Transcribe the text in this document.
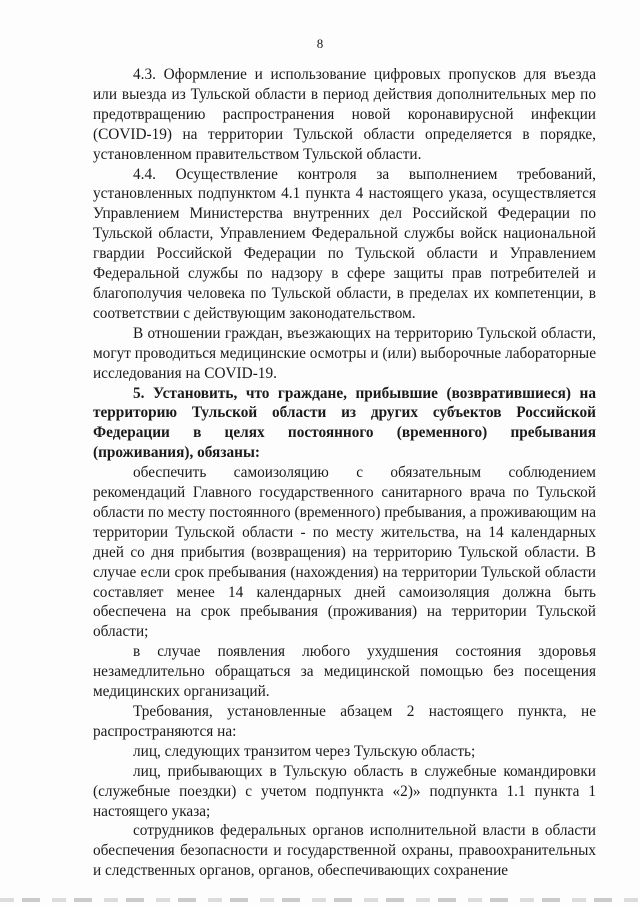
8

4.3. Оформление и использование цифровых пропусков для въезда или выезда из Тульской области в период действия дополнительных мер по предотвращению распространения новой коронавирусной инфекции (COVID-19) на территории Тульской области определяется в порядке, установленном правительством Тульской области.

4.4. Осуществление контроля за выполнением требований, установленных подпунктом 4.1 пункта 4 настоящего указа, осуществляется Управлением Министерства внутренних дел Российской Федерации по Тульской области, Управлением Федеральной службы войск национальной гвардии Российской Федерации по Тульской области и Управлением Федеральной службы по надзору в сфере защиты прав потребителей и благополучия человека по Тульской области, в пределах их компетенции, в соответствии с действующим законодательством.

В отношении граждан, въезжающих на территорию Тульской области, могут проводиться медицинские осмотры и (или) выборочные лабораторные исследования на COVID-19.

5. Установить, что граждане, прибывшие (возвратившиеся) на территорию Тульской области из других субъектов Российской Федерации в целях постоянного (временного) пребывания (проживания), обязаны:

обеспечить самоизоляцию с обязательным соблюдением рекомендаций Главного государственного санитарного врача по Тульской области по месту постоянного (временного) пребывания, а проживающим на территории Тульской области - по месту жительства, на 14 календарных дней со дня прибытия (возвращения) на территорию Тульской области. В случае если срок пребывания (нахождения) на территории Тульской области составляет менее 14 календарных дней самоизоляция должна быть обеспечена на срок пребывания (проживания) на территории Тульской области;

в случае появления любого ухудшения состояния здоровья незамедлительно обращаться за медицинской помощью без посещения медицинских организаций.

Требования, установленные абзацем 2 настоящего пункта, не распространяются на:

лиц, следующих транзитом через Тульскую область;

лиц, прибывающих в Тульскую область в служебные командировки (служебные поездки) с учетом подпункта «2)» подпункта 1.1 пункта 1 настоящего указа;

сотрудников федеральных органов исполнительной власти в области обеспечения безопасности и государственной охраны, правоохранительных и следственных органов, органов, обеспечивающих сохранение
